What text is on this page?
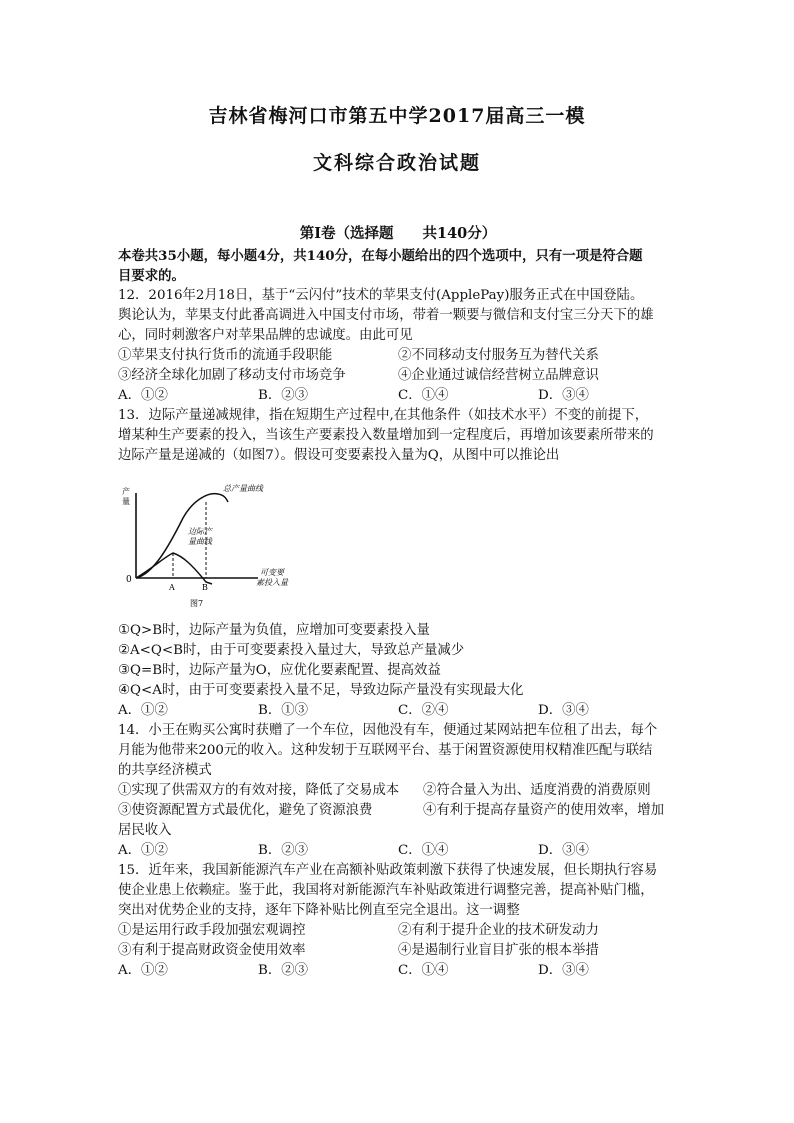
吉林省梅河口市第五中学2017届高三一模
文科综合政治试题
第Ⅰ卷（选择题　　共140分）
本卷共35小题，每小题4分，共140分，在每小题给出的四个选项中，只有一项是符合题
目要求的。
12．2016年2月18日，基于“云闪付”技术的苹果支付(ApplePay)服务正式在中国登陆。
舆论认为，苹果支付此番高调进入中国支付市场，带着一颗要与微信和支付宝三分天下的雄
心，同时刺激客户对苹果品牌的忠诚度。由此可见
①苹果支付执行货币的流通手段职能	②不同移动支付服务互为替代关系
③经济全球化加剧了移动支付市场竞争	④企业通过诚信经营树立品牌意识
A．①②	B．②③	C．①④	D．③④
13．边际产量递减规律，指在短期生产过程中,在其他条件（如技术水平）不变的前提下，
增某种生产要素的投入，当该生产要素投入数量增加到一定程度后，再增加该要素所带来的
边际产量是递减的（如图7）。假设可变要素投入量为Q，从图中可以推论出
产
量
总产量曲线
边际产
量曲线
0
A	B
可变要
素投入量
图7
①Q>B时，边际产量为负值，应增加可变要素投入量
②A<Q<B时，由于可变要素投入量过大，导致总产量减少
③Q=B时，边际产量为O，应优化要素配置、提高效益
④Q<A时，由于可变要素投入量不足，导致边际产量没有实现最大化
A．①②	B．①③	C．②④	D．③④
14．小王在购买公寓时获赠了一个车位，因他没有车，便通过某网站把车位租了出去，每个
月能为他带来200元的收入。这种发轫于互联网平台、基于闲置资源使用权精准匹配与联结
的共享经济模式
①实现了供需双方的有效对接，降低了交易成本	②符合量入为出、适度消费的消费原则
③使资源配置方式最优化，避免了资源浪费	④有利于提高存量资产的使用效率，增加
居民收入
A．①②	B．②③	C．①④	D．③④
15．近年来，我国新能源汽车产业在高额补贴政策刺激下获得了快速发展，但长期执行容易
使企业患上依赖症。鉴于此，我国将对新能源汽车补贴政策进行调整完善，提高补贴门槛，
突出对优势企业的支持，逐年下降补贴比例直至完全退出。这一调整
①是运用行政手段加强宏观调控	②有利于提升企业的技术研发动力
③有利于提高财政资金使用效率	④是遏制行业盲目扩张的根本举措
A．①②	B．②③	C．①④	D．③④
